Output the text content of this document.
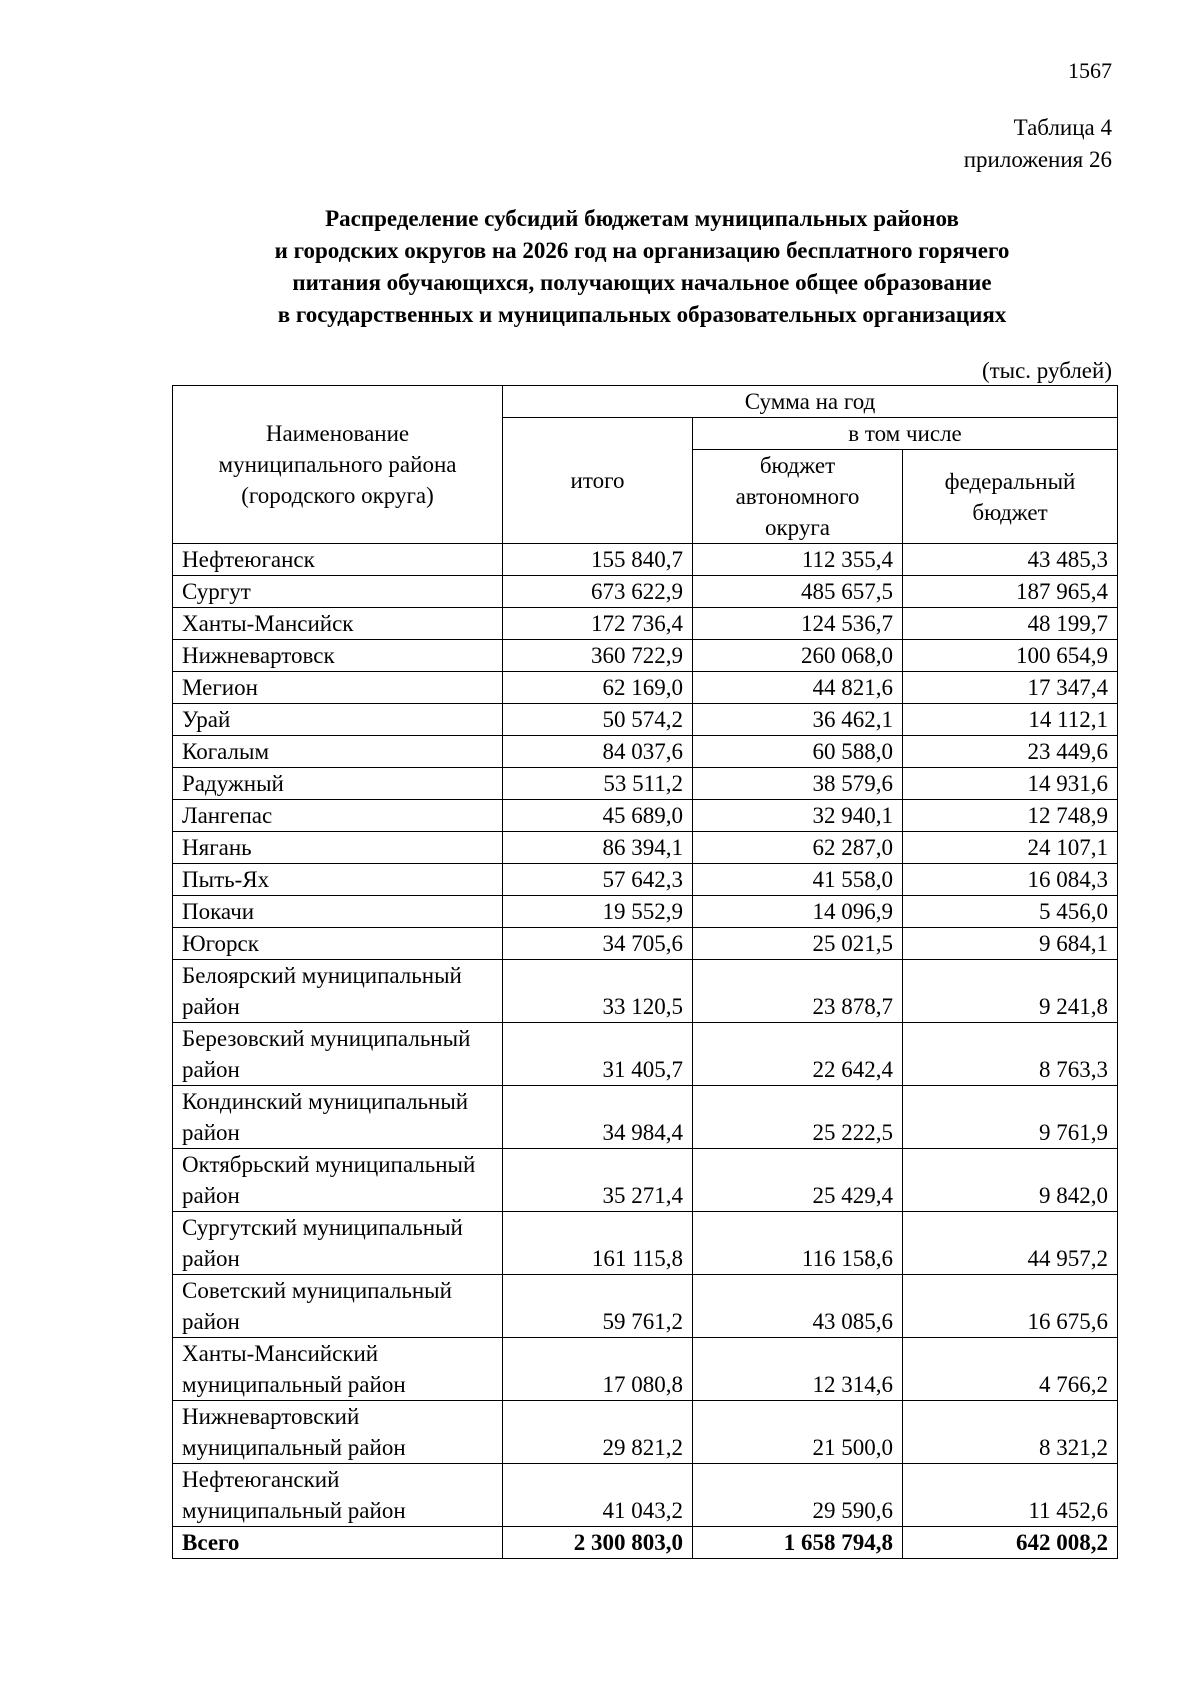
1567
Таблица 4
приложения 26
Распределение субсидий бюджетам муниципальных районов
и городских округов на 2026 год на организацию бесплатного горячего
питания обучающихся, получающих начальное общее образование
в государственных и муниципальных образовательных организациях
(тыс. рублей)
Наименование муниципального района (городского округа)	Сумма на год		
	итого	в том числе	
		бюджет автономного округа	федеральный бюджет
Нефтеюганск	155 840,7	112 355,4	43 485,3
Сургут	673 622,9	485 657,5	187 965,4
Ханты-Мансийск	172 736,4	124 536,7	48 199,7
Нижневартовск	360 722,9	260 068,0	100 654,9
Мегион	62 169,0	44 821,6	17 347,4
Урай	50 574,2	36 462,1	14 112,1
Когалым	84 037,6	60 588,0	23 449,6
Радужный	53 511,2	38 579,6	14 931,6
Лангепас	45 689,0	32 940,1	12 748,9
Нягань	86 394,1	62 287,0	24 107,1
Пыть-Ях	57 642,3	41 558,0	16 084,3
Покачи	19 552,9	14 096,9	5 456,0
Югорск	34 705,6	25 021,5	9 684,1
Белоярский муниципальный район	33 120,5	23 878,7	9 241,8
Березовский муниципальный район	31 405,7	22 642,4	8 763,3
Кондинский муниципальный район	34 984,4	25 222,5	9 761,9
Октябрьский муниципальный район	35 271,4	25 429,4	9 842,0
Сургутский муниципальный район	161 115,8	116 158,6	44 957,2
Советский муниципальный район	59 761,2	43 085,6	16 675,6
Ханты-Мансийский муниципальный район	17 080,8	12 314,6	4 766,2
Нижневартовский муниципальный район	29 821,2	21 500,0	8 321,2
Нефтеюганский муниципальный район	41 043,2	29 590,6	11 452,6
Всего	2 300 803,0	1 658 794,8	642 008,2
